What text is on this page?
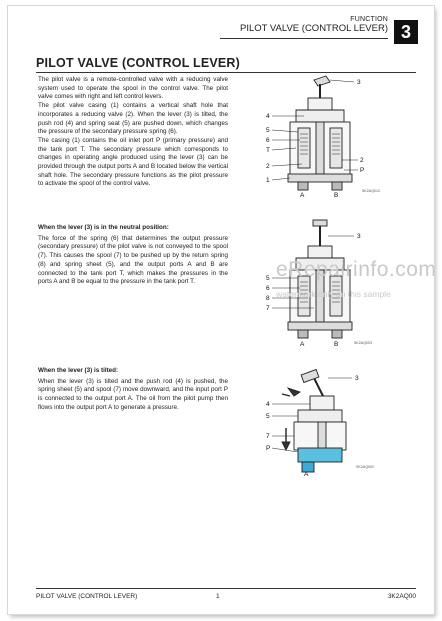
FUNCTION
PILOT VALVE (CONTROL LEVER) 3
PILOT VALVE (CONTROL LEVER)

The pilot valve is a remote-controlled valve with a reducing valve system used to operate the spool in the control valve. The pilot valve comes with right and left control levers.

The pilot valve casing (1) contains a vertical shaft hole that incorporates a reducing valve (2). When the lever (3) is tilted, the push rod (4) and spring seat (5) are pushed down, which changes the pressure of the secondary pressure spring (6).

The casing (1) contains the oil inlet port P (primary pressure) and the tank port T. The secondary pressure which corresponds to changes in operating angle produced using the lever (3) can be provided through the output ports A and B located below the vertical shaft hole. The secondary pressure functions as the pilot pressure to activate the spool of the control valve.

When the lever (3) is in the neutral position:

The force of the spring (6) that determines the output pressure (secondary pressure) of the pilot valve is not conveyed to the spool (7). This causes the spool (7) to be pushed up by the return spring (8) and spring sheet (5), and the output ports A and B are connected to the tank port T, which makes the pressures in the ports A and B be equal to the pressure in the tank port T.

When the lever (3) is tilted:

When the lever (3) is tilted and the push rod (4) is pushed, the spring sheet (5) and spool (7) move downward, and the input port P is connected to the output port A. The oil from the pilot pump then flows into the output port A to generate a pressure.

4
5
6
T
2
1
3
2
P
A	B
SK2AQ012
5
6
8
7
3
A	B	SK2AQ003
4
5
7
P
3
A
SK2AQ002
eRepairinfo.com
watermark only on this sample
PILOT VALVE (CONTROL LEVER)	1	3K2AQ00
